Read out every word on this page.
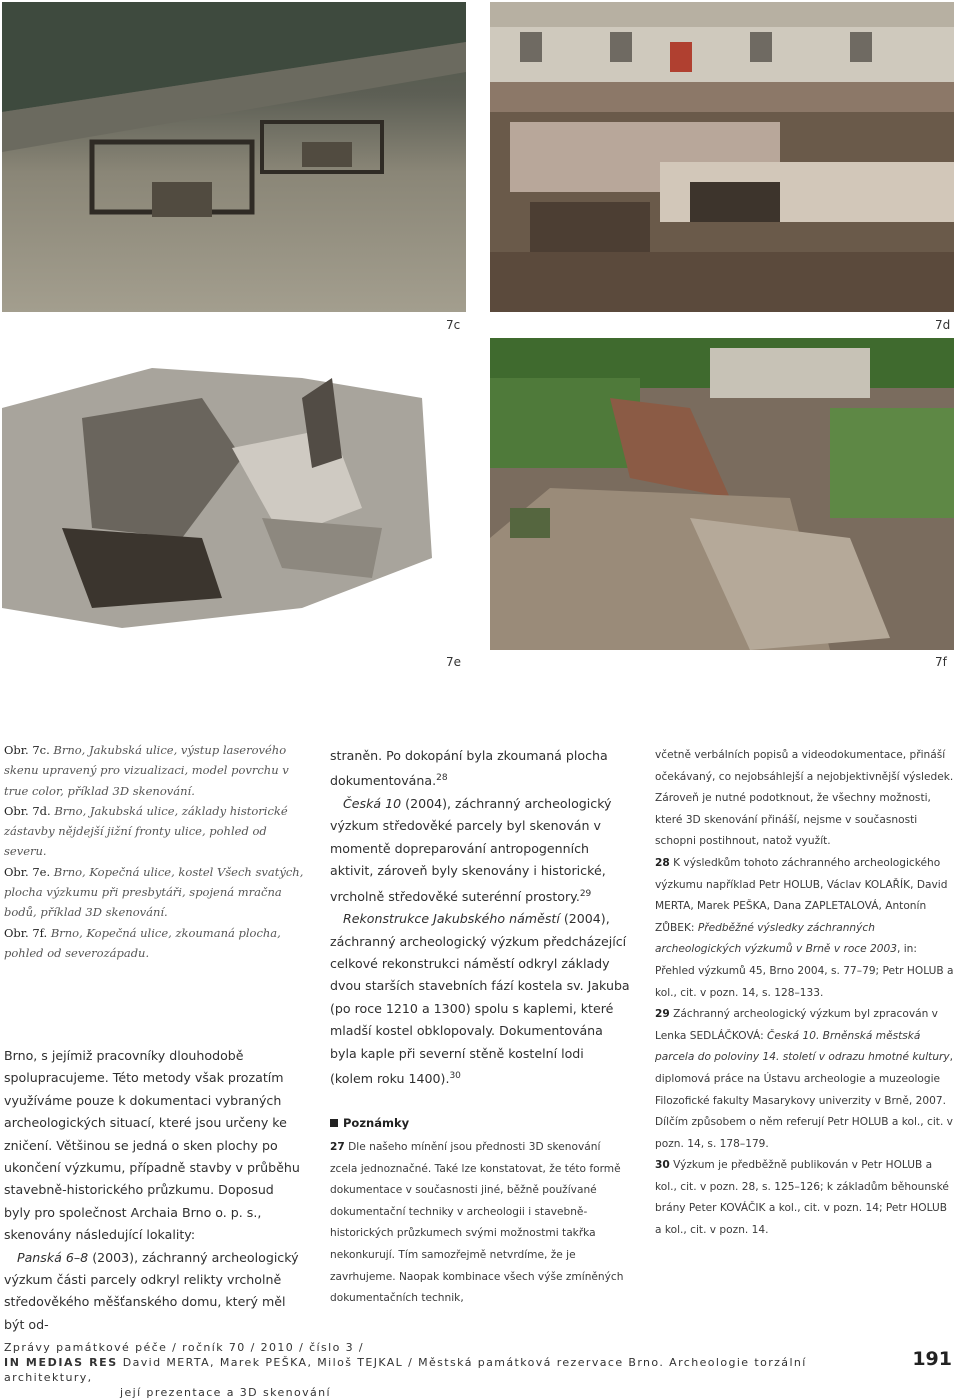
7c	7d
7e	7f

Obr. 7c. Brno, Jakubská ulice, výstup laserového skenu upravený pro vizualizaci, model povrchu v true color, příklad 3D skenování.

Obr. 7d. Brno, Jakubská ulice, základy historické zástavby nějdejší jižní fronty ulice, pohled od severu.

Obr. 7e. Brno, Kopečná ulice, kostel Všech svatých, plocha výzkumu při presbytáři, spojená mračna bodů, příklad 3D skenování.

Obr. 7f. Brno, Kopečná ulice, zkoumaná plocha, pohled od severozápadu.

Brno, s jejímiž pracovníky dlouhodobě spolupracujeme. Této metody však prozatím využíváme pouze k dokumentaci vybraných archeologických situací, které jsou určeny ke zničení. Většinou se jedná o sken plochy po ukončení výzkumu, případně stavby v průběhu stavebně-historického průzkumu. Doposud byly pro společnost Archaia Brno o. p. s., skenovány následující lokality:

Panská 6–8 (2003), záchranný archeologický výzkum části parcely odkryl relikty vrcholně středověkého měšťanského domu, který měl být od-

straněn. Po dokopání byla zkoumaná plocha dokumentována.$^{28}$

Česká 10 (2004), záchranný archeologický výzkum středověké parcely byl skenován v momentě dopreparování antropogenních aktivit, zároveň byly skenovány i historické, vrcholně středověké suterénní prostory.$^{29}$

Rekonstrukce Jakubského náměstí (2004), záchranný archeologický výzkum předcházející celkové rekonstrukci náměstí odkryl základy dvou starších stavebních fází kostela sv. Jakuba (po roce 1210 a 1300) spolu s kaplemi, které mladší kostel obklopovaly. Dokumentována byla kaple při severní stěně kostelní lodi (kolem roku 1400).$^{30}$

Poznámky

27 Dle našeho mínění jsou přednosti 3D skenování zcela jednoznačné. Také lze konstatovat, že této formě dokumentace v současnosti jiné, běžně používané dokumentační techniky v archeologii i stavebně-historických průzkumech svými možnostmi takřka nekonkurují. Tím samozřejmě netvrdíme, že je zavrhujeme. Naopak kombinace všech výše zmíněných dokumentačních technik,

včetně verbálních popisů a videodokumentace, přináší očekávaný, co nejobsáhlejší a nejobjektivnější výsledek. Zároveň je nutné podotknout, že všechny možnosti, které 3D skenování přináší, nejsme v současnosti schopni postihnout, natož využít.

28 K výsledkům tohoto záchranného archeologického výzkumu například Petr HOLUB, Václav KOLAŘÍK, David MERTA, Marek PEŠKA, Dana ZAPLETALOVÁ, Antonín ZŮBEK: Předběžné výsledky záchranných archeologických výzkumů v Brně v roce 2003, in: Přehled výzkumů 45, Brno 2004, s. 77–79; Petr HOLUB a kol., cit. v pozn. 14, s. 128–133.

29 Záchranný archeologický výzkum byl zpracován v Lenka SEDLÁČKOVÁ: Česká 10. Brněnská městská parcela do poloviny 14. století v odrazu hmotné kultury, diplomová práce na Ústavu archeologie a muzeologie Filozofické fakulty Masarykovy univerzity v Brně, 2007. Dílčím způsobem o něm referují Petr HOLUB a kol., cit. v pozn. 14, s. 178–179.

30 Výzkum je předběžně publikován v Petr HOLUB a kol., cit. v pozn. 28, s. 125–126; k základům běhounské brány Peter KOVÁČIK a kol., cit. v pozn. 14; Petr HOLUB a kol., cit. v pozn. 14.

Zprávy památkové péče / ročník 70 / 2010 / číslo 3 /

IN MEDIAS RES David MERTA, Marek PEŠKA, Miloš TEJKAL / Městská památková rezervace Brno. Archeologie torzální architektury,

její prezentace a 3D skenování

191
